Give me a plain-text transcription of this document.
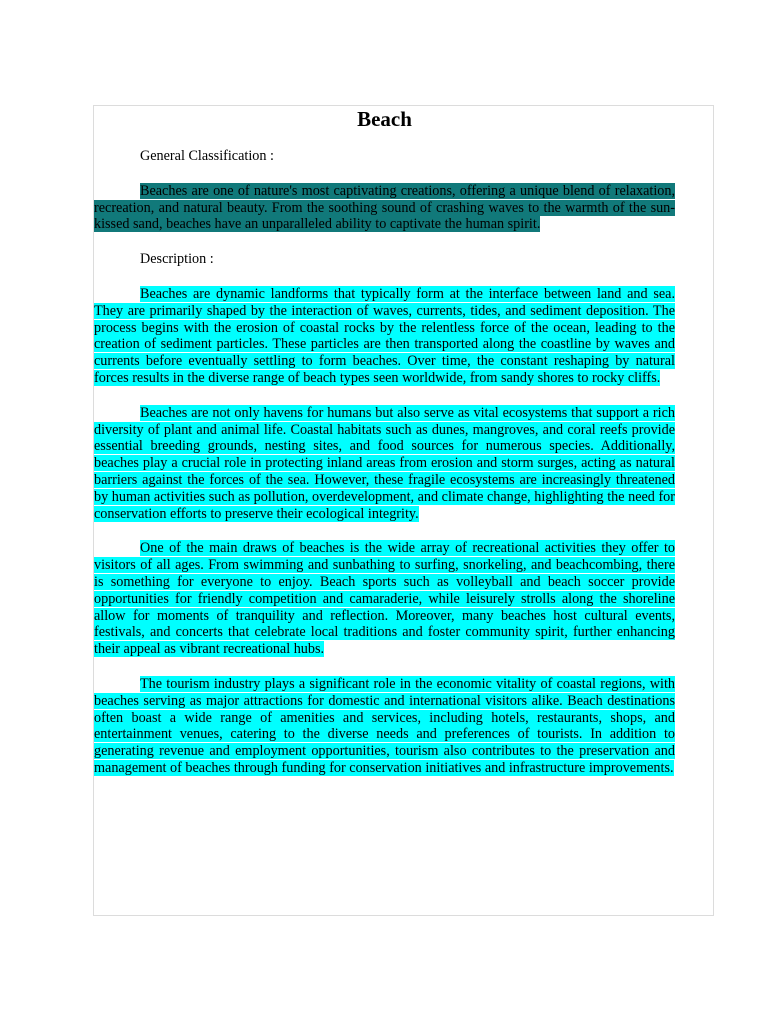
Beach

General Classification :

Beaches are one of nature's most captivating creations, offering a unique blend of relaxation, recreation, and natural beauty. From the soothing sound of crashing waves to the warmth of the sun-kissed sand, beaches have an unparalleled ability to captivate the human spirit.

Description :

Beaches are dynamic landforms that typically form at the interface between land and sea. They are primarily shaped by the interaction of waves, currents, tides, and sediment deposition. The process begins with the erosion of coastal rocks by the relentless force of the ocean, leading to the creation of sediment particles. These particles are then transported along the coastline by waves and currents before eventually settling to form beaches. Over time, the constant reshaping by natural forces results in the diverse range of beach types seen worldwide, from sandy shores to rocky cliffs.

Beaches are not only havens for humans but also serve as vital ecosystems that support a rich diversity of plant and animal life. Coastal habitats such as dunes, mangroves, and coral reefs provide essential breeding grounds, nesting sites, and food sources for numerous species. Additionally, beaches play a crucial role in protecting inland areas from erosion and storm surges, acting as natural barriers against the forces of the sea. However, these fragile ecosystems are increasingly threatened by human activities such as pollution, overdevelopment, and climate change, highlighting the need for conservation efforts to preserve their ecological integrity.

One of the main draws of beaches is the wide array of recreational activities they offer to visitors of all ages. From swimming and sunbathing to surfing, snorkeling, and beachcombing, there is something for everyone to enjoy. Beach sports such as volleyball and beach soccer provide opportunities for friendly competition and camaraderie, while leisurely strolls along the shoreline allow for moments of tranquility and reflection. Moreover, many beaches host cultural events, festivals, and concerts that celebrate local traditions and foster community spirit, further enhancing their appeal as vibrant recreational hubs.

The tourism industry plays a significant role in the economic vitality of coastal regions, with beaches serving as major attractions for domestic and international visitors alike. Beach destinations often boast a wide range of amenities and services, including hotels, restaurants, shops, and entertainment venues, catering to the diverse needs and preferences of tourists. In addition to generating revenue and employment opportunities, tourism also contributes to the preservation and management of beaches through funding for conservation initiatives and infrastructure improvements.
